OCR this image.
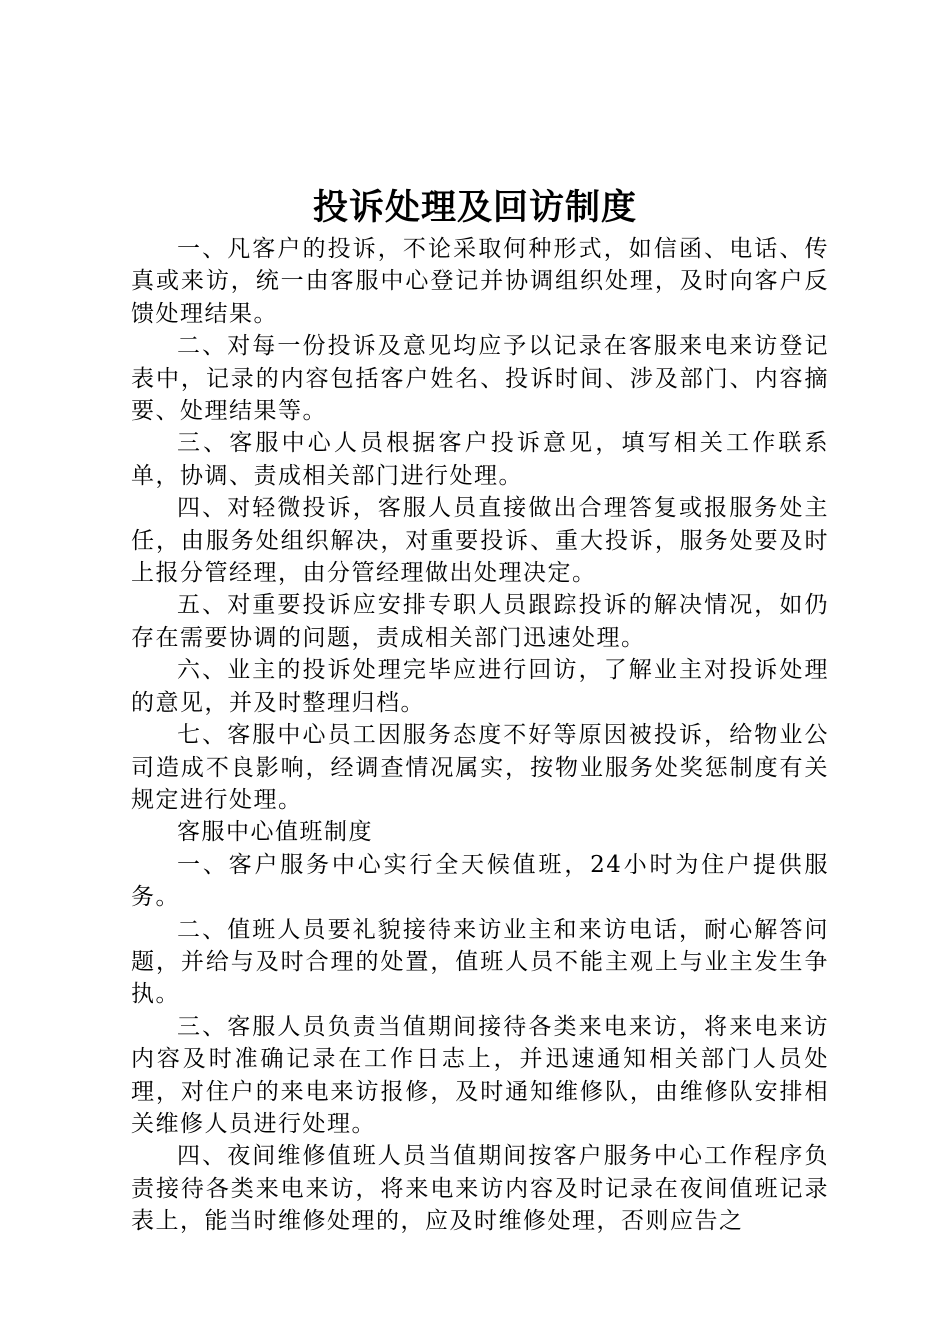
投诉处理及回访制度

一、凡客户的投诉，不论采取何种形式，如信函、电话、传真或来访，统一由客服中心登记并协调组织处理，及时向客户反馈处理结果。

二、对每一份投诉及意见均应予以记录在客服来电来访登记表中，记录的内容包括客户姓名、投诉时间、涉及部门、内容摘要、处理结果等。

三、客服中心人员根据客户投诉意见，填写相关工作联系单，协调、责成相关部门进行处理。

四、对轻微投诉，客服人员直接做出合理答复或报服务处主任，由服务处组织解决，对重要投诉、重大投诉，服务处要及时上报分管经理，由分管经理做出处理决定。

五、对重要投诉应安排专职人员跟踪投诉的解决情况，如仍存在需要协调的问题，责成相关部门迅速处理。

六、业主的投诉处理完毕应进行回访，了解业主对投诉处理的意见，并及时整理归档。

七、客服中心员工因服务态度不好等原因被投诉，给物业公司造成不良影响，经调查情况属实，按物业服务处奖惩制度有关规定进行处理。

客服中心值班制度

一、客户服务中心实行全天候值班，24小时为住户提供服务。

二、值班人员要礼貌接待来访业主和来访电话，耐心解答问题，并给与及时合理的处置，值班人员不能主观上与业主发生争执。

三、客服人员负责当值期间接待各类来电来访，将来电来访内容及时准确记录在工作日志上，并迅速通知相关部门人员处理，对住户的来电来访报修，及时通知维修队，由维修队安排相关维修人员进行处理。

四、夜间维修值班人员当值期间按客户服务中心工作程序负责接待各类来电来访，将来电来访内容及时记录在夜间值班记录表上，能当时维修处理的，应及时维修处理，否则应告之
